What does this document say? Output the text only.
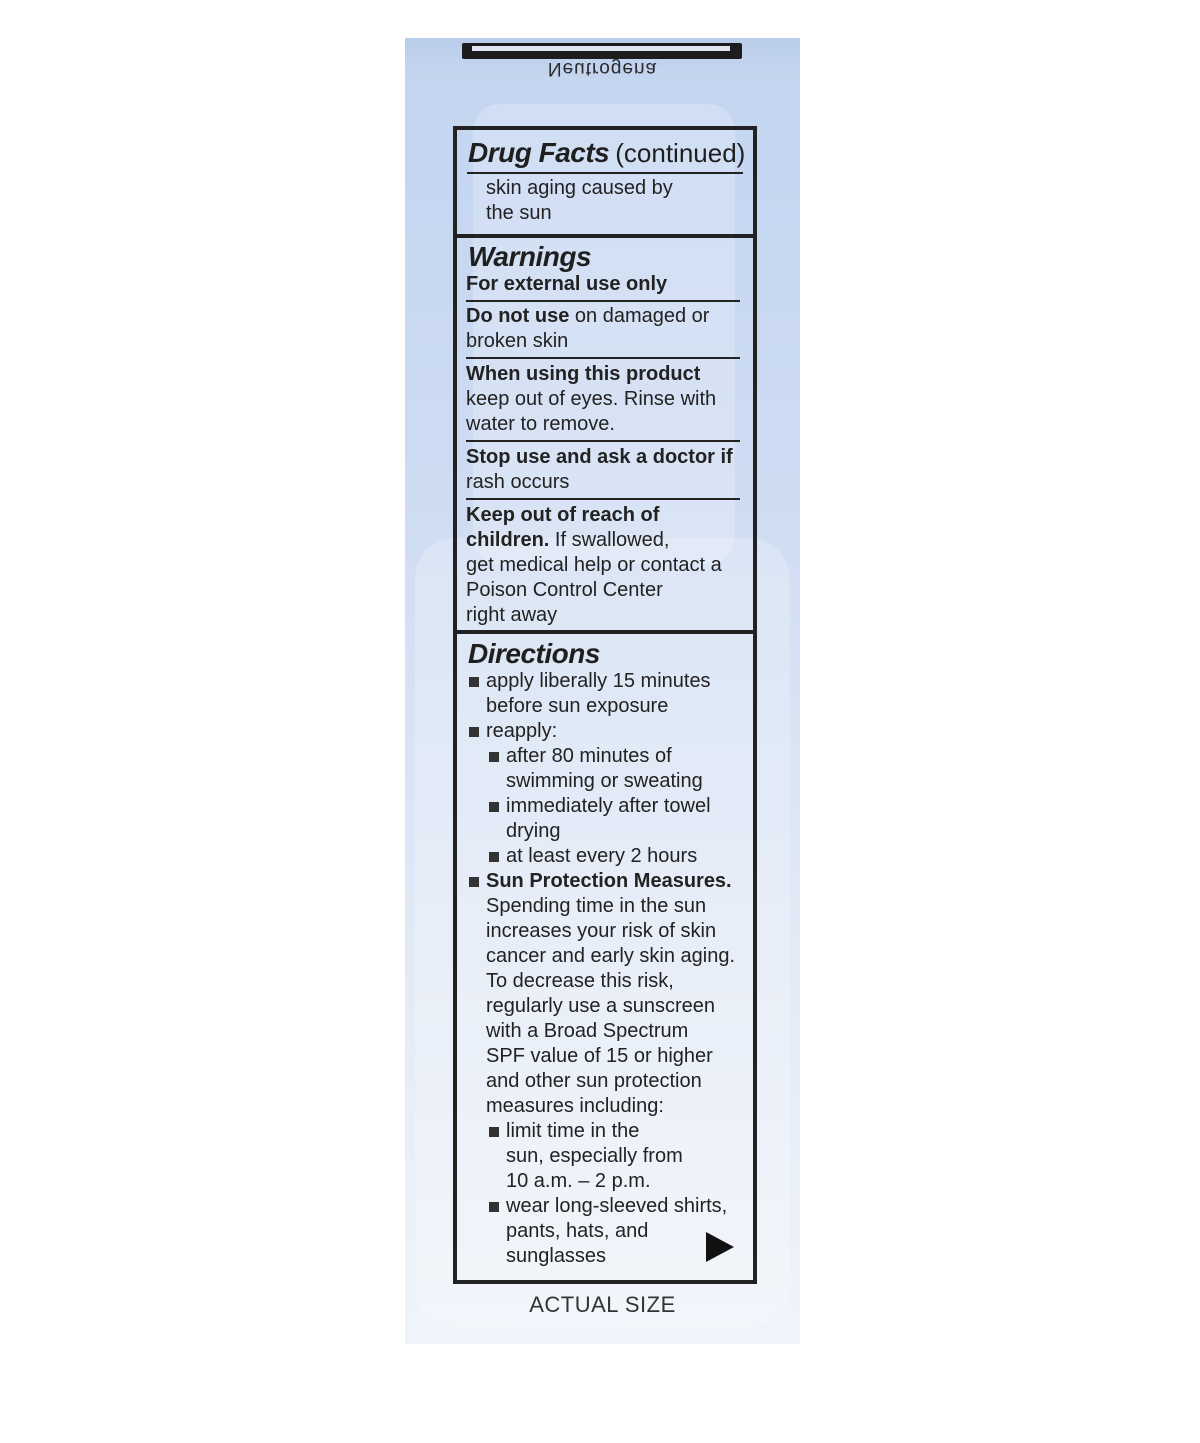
Neutrogena
Drug Facts (continued)
skin aging caused by
the sun
Warnings
For external use only
Do not use on damaged or
broken skin
When using this product
keep out of eyes. Rinse with
water to remove.
Stop use and ask a doctor if
rash occurs
Keep out of reach of
children. If swallowed,
get medical help or contact a
Poison Control Center
right away
Directions
apply liberally 15 minutes
before sun exposure
reapply:
after 80 minutes of
swimming or sweating
immediately after towel
drying
at least every 2 hours
Sun Protection Measures.
Spending time in the sun
increases your risk of skin
cancer and early skin aging.
To decrease this risk,
regularly use a sunscreen
with a Broad Spectrum
SPF value of 15 or higher
and other sun protection
measures including:
limit time in the
sun, especially from
10 a.m. – 2 p.m.
wear long-sleeved shirts,
pants, hats, and
sunglasses
ACTUAL SIZE
